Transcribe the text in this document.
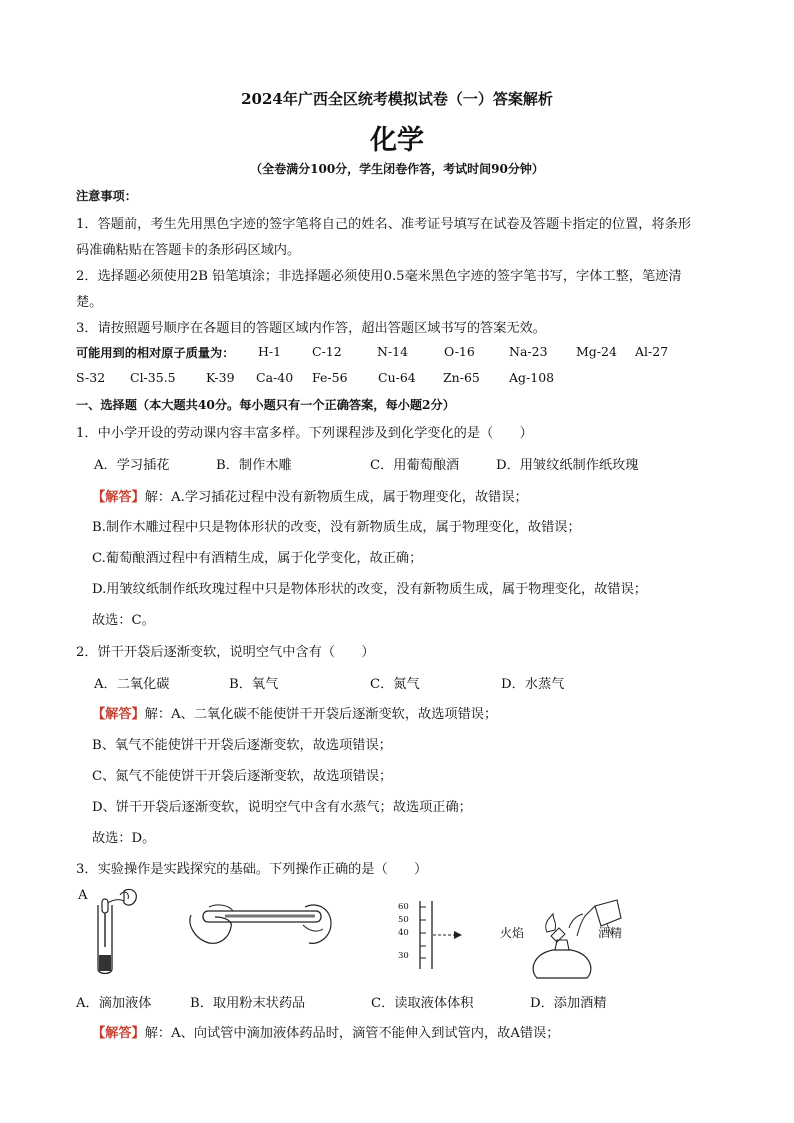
2024年广西全区统考模拟试卷（一）答案解析
化学
（全卷满分100分，学生闭卷作答，考试时间90分钟）
注意事项：
1．答题前，考生先用黑色字迹的签字笔将自己的姓名、准考证号填写在试卷及答题卡指定的位置，将条形
码准确粘贴在答题卡的条形码区域内。
2．选择题必须使用2B 铅笔填涂；非选择题必须使用0.5毫米黑色字迹的签字笔书写，字体工整，笔迹清
楚。
3．请按照题号顺序在各题目的答题区域内作答，超出答题区域书写的答案无效。
可能用到的相对原子质量为： H-1 C-12	N-14	O-16	Na-23 Mg-24 Al-27
S-32 Cl-35.5 K-39 Ca-40 Fe-56 Cu-64 Zn-65 Ag-108
一、选择题（本大题共40分。每小题只有一个正确答案，每小题2分）
1．中小学开设的劳动课内容丰富多样。下列课程涉及到化学变化的是（　　）
A．学习插花	B．制作木雕	C．用葡萄酿酒	D．用皱纹纸制作纸玫瑰
【解答】解：A.学习插花过程中没有新物质生成，属于物理变化，故错误；
B.制作木雕过程中只是物体形状的改变，没有新物质生成，属于物理变化，故错误；
C.葡萄酿酒过程中有酒精生成，属于化学变化，故正确；
D.用皱纹纸制作纸玫瑰过程中只是物体形状的改变，没有新物质生成，属于物理变化，故错误；
故选：C。
2．饼干开袋后逐渐变软，说明空气中含有（　　）
A．二氧化碳	B．氧气	C．氮气	D．水蒸气
【解答】解：A、二氧化碳不能使饼干开袋后逐渐变软，故选项错误；
B、氧气不能使饼干开袋后逐渐变软，故选项错误；
C、氮气不能使饼干开袋后逐渐变软，故选项错误；
D、饼干开袋后逐渐变软，说明空气中含有水蒸气；故选项正确；
故选：D。
3．实验操作是实践探究的基础。下列操作正确的是（　　）
A
60
50
40
30
火焰	酒精
A．滴加液体	B．取用粉末状药品	C．读取液体体积	D．添加酒精
【解答】解：A、向试管中滴加液体药品时，滴管不能伸入到试管内，故A错误；
